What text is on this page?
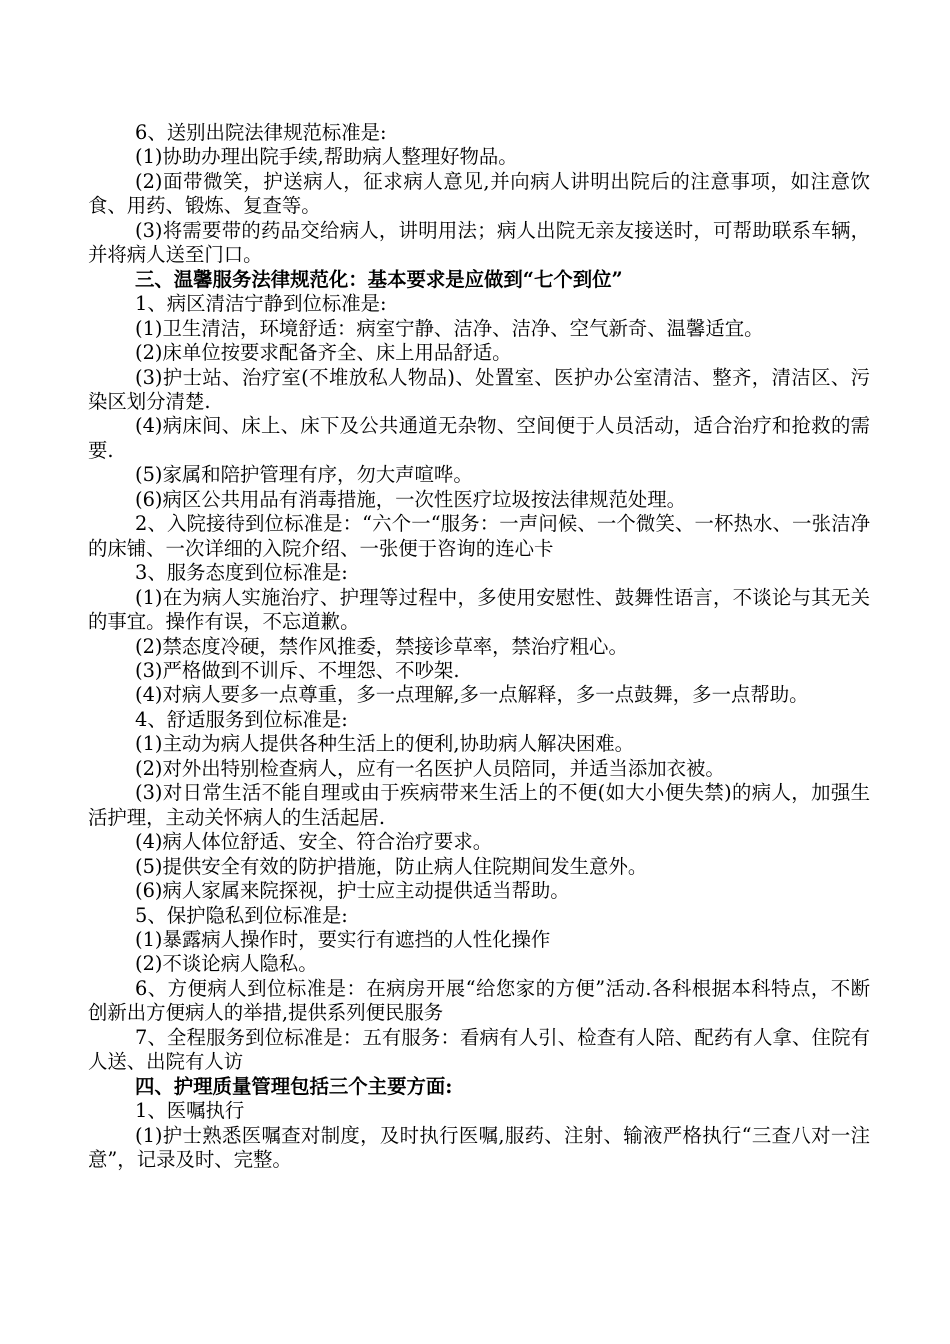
6、送别出院法律规范标准是:

(1)协助办理出院手续,帮助病人整理好物品。

(2)面带微笑，护送病人，征求病人意见,并向病人讲明出院后的注意事项，如注意饮食、用药、锻炼、复查等。

(3)将需要带的药品交给病人，讲明用法；病人出院无亲友接送时，可帮助联系车辆，并将病人送至门口。

三、温馨服务法律规范化：基本要求是应做到“七个到位”

1、病区清洁宁静到位标准是:

(1)卫生清洁，环境舒适：病室宁静、洁净、洁净、空气新奇、温馨适宜。

(2)床单位按要求配备齐全、床上用品舒适。

(3)护士站、治疗室(不堆放私人物品)、处置室、医护办公室清洁、整齐，清洁区、污染区划分清楚.

(4)病床间、床上、床下及公共通道无杂物、空间便于人员活动，适合治疗和抢救的需要.

(5)家属和陪护管理有序，勿大声喧哗。

(6)病区公共用品有消毒措施，一次性医疗垃圾按法律规范处理。

2、入院接待到位标准是：“六个一“服务：一声问候、一个微笑、一杯热水、一张洁净的床铺、一次详细的入院介绍、一张便于咨询的连心卡

3、服务态度到位标准是:

(1)在为病人实施治疗、护理等过程中，多使用安慰性、鼓舞性语言，不谈论与其无关的事宜。操作有误，不忘道歉。

(2)禁态度冷硬，禁作风推委，禁接诊草率，禁治疗粗心。

(3)严格做到不训斥、不埋怨、不吵架.

(4)对病人要多一点尊重，多一点理解,多一点解释，多一点鼓舞，多一点帮助。

4、舒适服务到位标准是:

(1)主动为病人提供各种生活上的便利,协助病人解决困难。

(2)对外出特别检查病人，应有一名医护人员陪同，并适当添加衣被。

(3)对日常生活不能自理或由于疾病带来生活上的不便(如大小便失禁)的病人，加强生活护理，主动关怀病人的生活起居.

(4)病人体位舒适、安全、符合治疗要求。

(5)提供安全有效的防护措施，防止病人住院期间发生意外。

(6)病人家属来院探视，护士应主动提供适当帮助。

5、保护隐私到位标准是:

(1)暴露病人操作时，要实行有遮挡的人性化操作

(2)不谈论病人隐私。

6、方便病人到位标准是：在病房开展“给您家的方便”活动.各科根据本科特点，不断创新出方便病人的举措,提供系列便民服务

7、全程服务到位标准是：五有服务：看病有人引、检查有人陪、配药有人拿、住院有人送、出院有人访

四、护理质量管理包括三个主要方面:

1、医嘱执行

(1)护士熟悉医嘱查对制度，及时执行医嘱,服药、注射、输液严格执行“三查八对一注意”，记录及时、完整。
